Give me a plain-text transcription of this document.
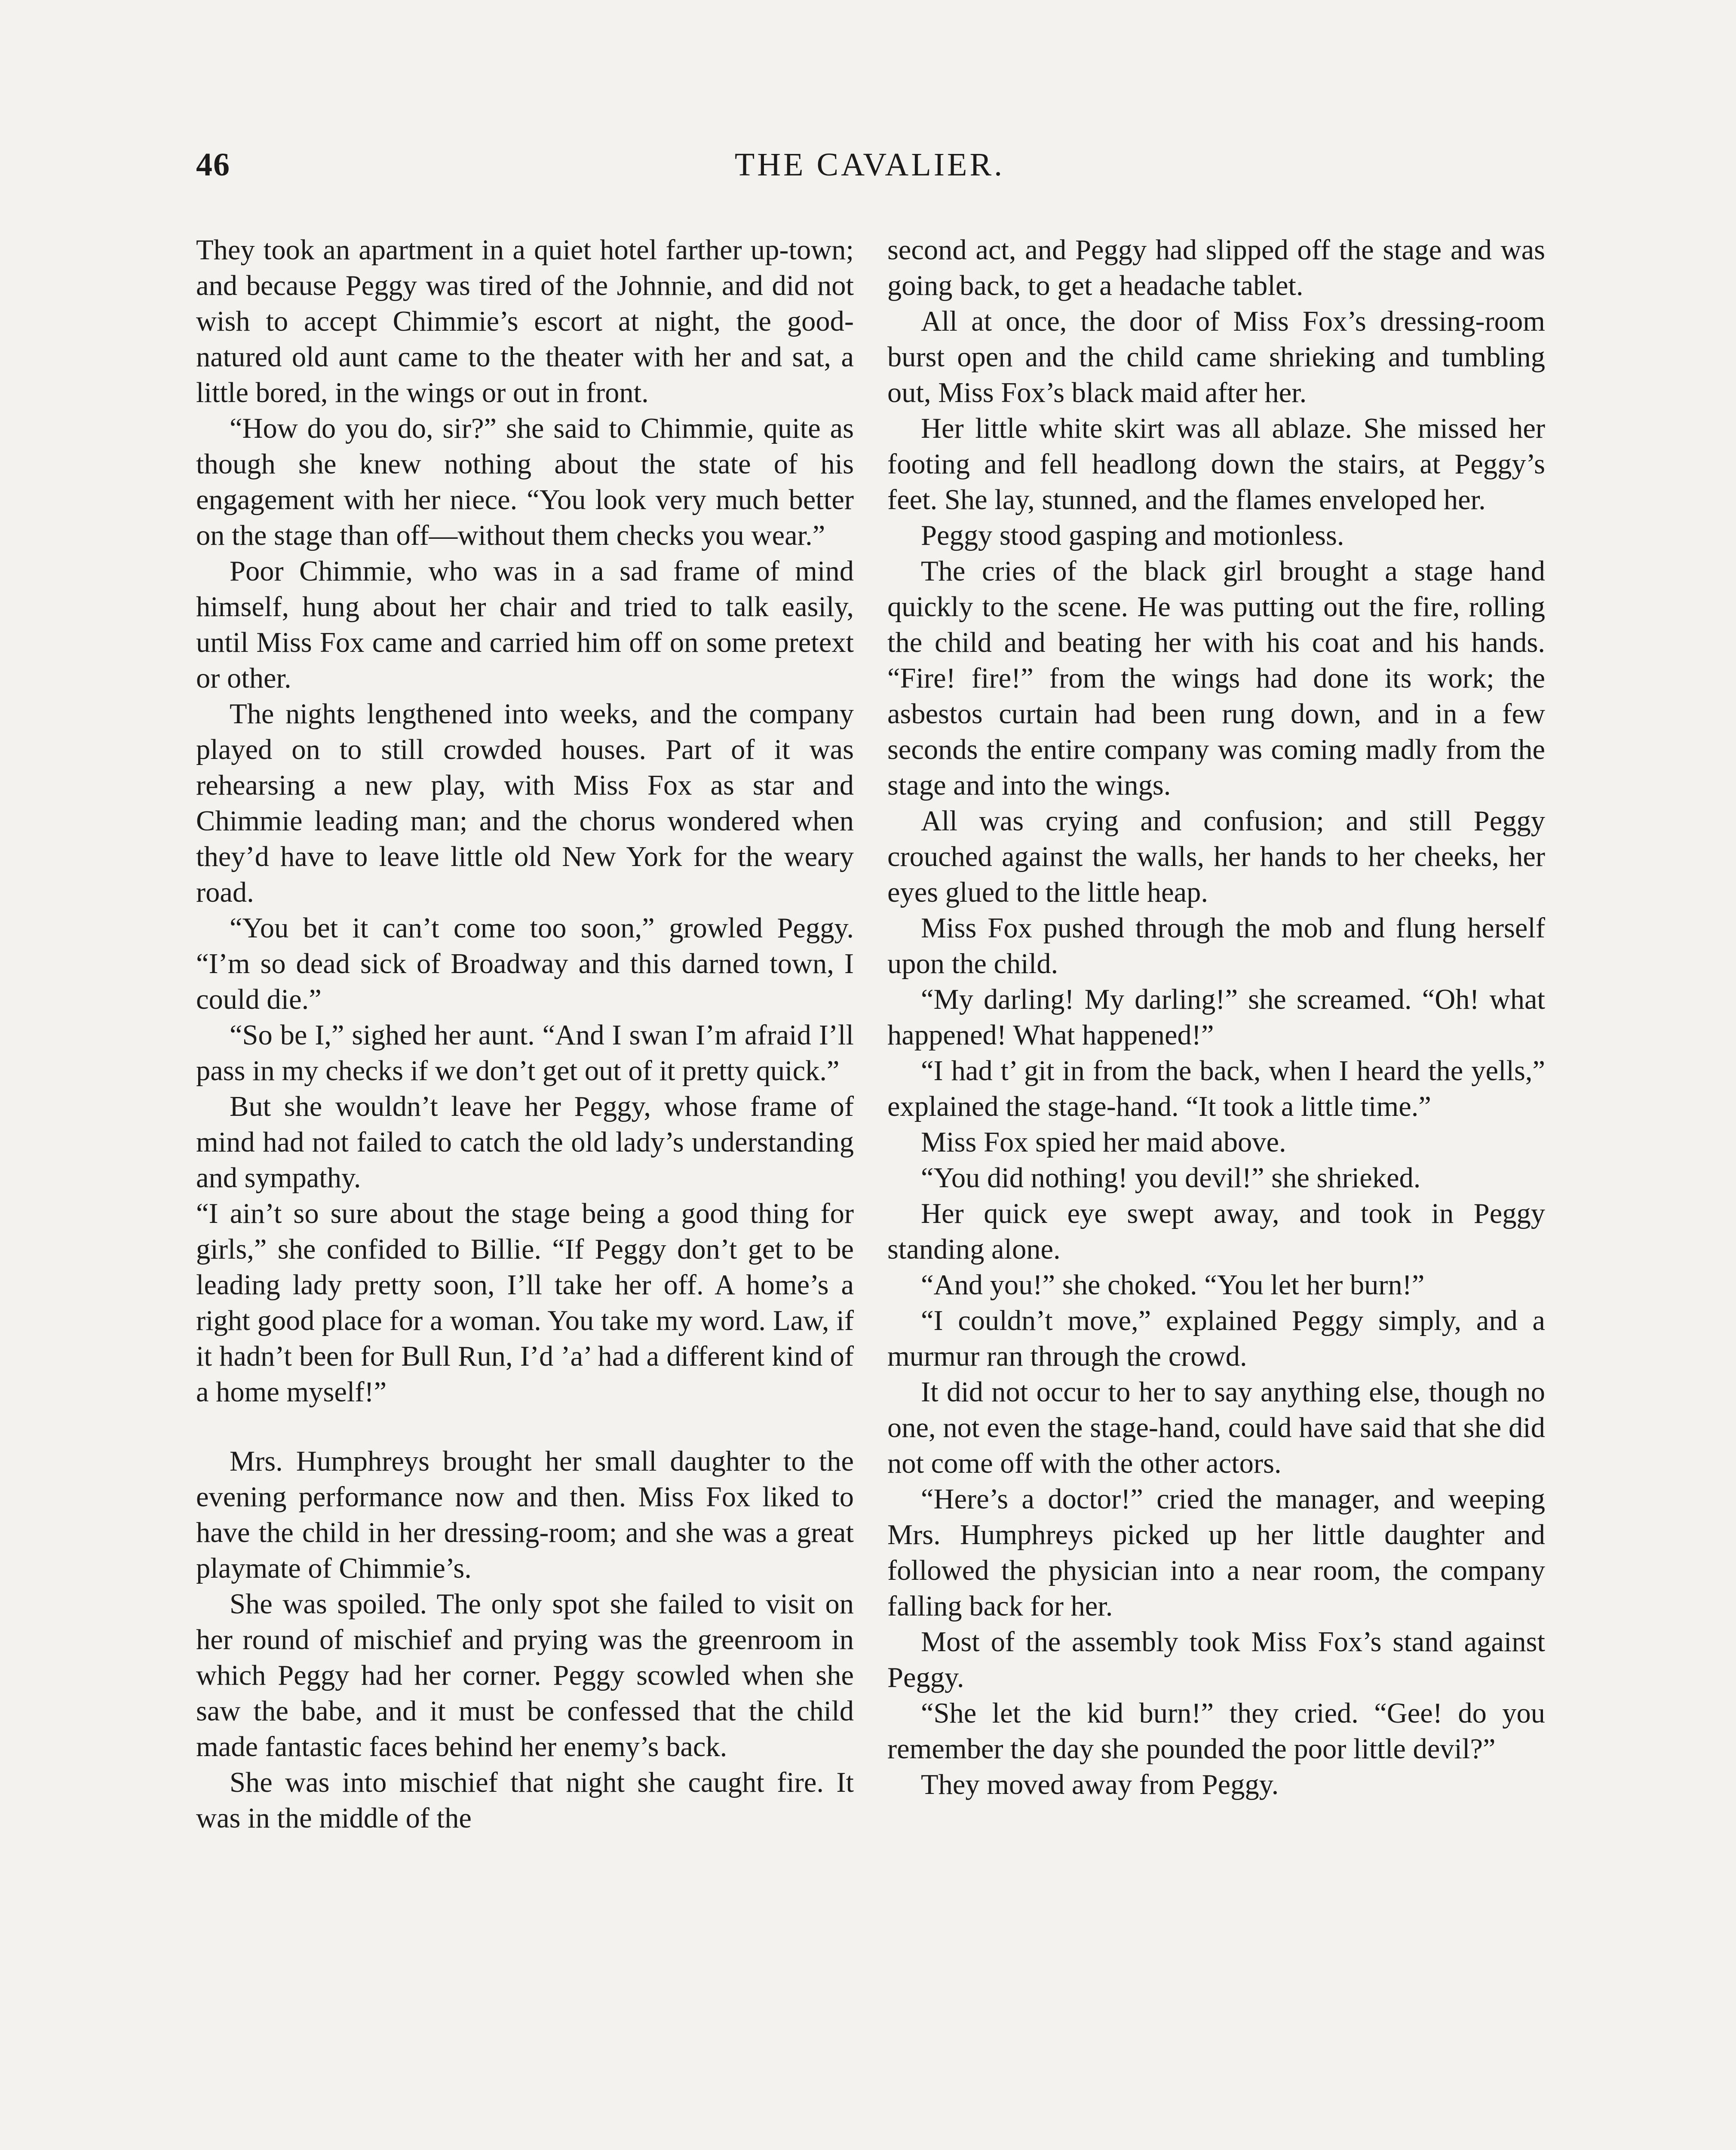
46	THE CAVALIER.

They took an apartment in a quiet hotel farther up-town; and because Peggy was tired of the Johnnie, and did not wish to accept Chimmie’s escort at night, the good-natured old aunt came to the theater with her and sat, a little bored, in the wings or out in front.

“How do you do, sir?” she said to Chimmie, quite as though she knew nothing about the state of his engagement with her niece. “You look very much better on the stage than off—without them checks you wear.”

Poor Chimmie, who was in a sad frame of mind himself, hung about her chair and tried to talk easily, until Miss Fox came and carried him off on some pretext or other.

The nights lengthened into weeks, and the company played on to still crowded houses. Part of it was rehearsing a new play, with Miss Fox as star and Chimmie leading man; and the chorus wondered when they’d have to leave little old New York for the weary road.

“You bet it can’t come too soon,” growled Peggy. “I’m so dead sick of Broadway and this darned town, I could die.”

“So be I,” sighed her aunt. “And I swan I’m afraid I’ll pass in my checks if we don’t get out of it pretty quick.”

But she wouldn’t leave her Peggy, whose frame of mind had not failed to catch the old lady’s understanding and sympathy.

“I ain’t so sure about the stage being a good thing for girls,” she confided to Billie. “If Peggy don’t get to be leading lady pretty soon, I’ll take her off. A home’s a right good place for a woman. You take my word. Law, if it hadn’t been for Bull Run, I’d ’a’ had a different kind of a home myself!”

Mrs. Humphreys brought her small daughter to the evening performance now and then. Miss Fox liked to have the child in her dressing-room; and she was a great playmate of Chimmie’s.

She was spoiled. The only spot she failed to visit on her round of mischief and prying was the greenroom in which Peggy had her corner. Peggy scowled when she saw the babe, and it must be confessed that the child made fantastic faces behind her enemy’s back.

She was into mischief that night she caught fire. It was in the middle of the

second act, and Peggy had slipped off the stage and was going back, to get a headache tablet.

All at once, the door of Miss Fox’s dressing-room burst open and the child came shrieking and tumbling out, Miss Fox’s black maid after her.

Her little white skirt was all ablaze. She missed her footing and fell headlong down the stairs, at Peggy’s feet. She lay, stunned, and the flames enveloped her.

Peggy stood gasping and motionless.

The cries of the black girl brought a stage hand quickly to the scene. He was putting out the fire, rolling the child and beating her with his coat and his hands. “Fire! fire!” from the wings had done its work; the asbestos curtain had been rung down, and in a few seconds the entire company was coming madly from the stage and into the wings.

All was crying and confusion; and still Peggy crouched against the walls, her hands to her cheeks, her eyes glued to the little heap.

Miss Fox pushed through the mob and flung herself upon the child.

“My darling! My darling!” she screamed. “Oh! what happened! What happened!”

“I had t’ git in from the back, when I heard the yells,” explained the stage-hand. “It took a little time.”

Miss Fox spied her maid above.

“You did nothing! you devil!” she shrieked.

Her quick eye swept away, and took in Peggy standing alone.

“And you!” she choked. “You let her burn!”

“I couldn’t move,” explained Peggy simply, and a murmur ran through the crowd.

It did not occur to her to say anything else, though no one, not even the stage-hand, could have said that she did not come off with the other actors.

“Here’s a doctor!” cried the manager, and weeping Mrs. Humphreys picked up her little daughter and followed the physician into a near room, the company falling back for her.

Most of the assembly took Miss Fox’s stand against Peggy.

“She let the kid burn!” they cried. “Gee! do you remember the day she pounded the poor little devil?”

They moved away from Peggy.
